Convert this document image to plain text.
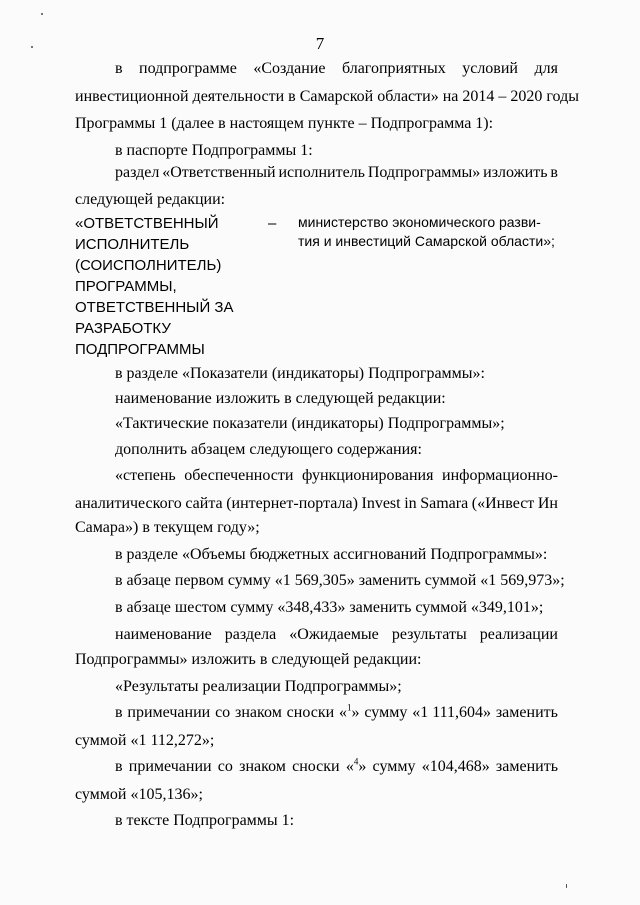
7
в подпрограмме «Создание благоприятных условий для
инвестиционной деятельности в Самарской области» на 2014 – 2020 годы
Программы 1 (далее в настоящем пункте – Подпрограмма 1):
в паспорте Подпрограммы 1:
раздел «Ответственный исполнитель Подпрограммы» изложить в
следующей редакции:
«ОТВЕТСТВЕННЫЙ
ИСПОЛНИТЕЛЬ
(СОИСПОЛНИТЕЛЬ)
ПРОГРАММЫ,
ОТВЕТСТВЕННЫЙ ЗА
РАЗРАБОТКУ
ПОДПРОГРАММЫ
– министерство экономического разви-
тия и инвестиций Самарской области»;
в разделе «Показатели (индикаторы) Подпрограммы»:
наименование изложить в следующей редакции:
«Тактические показатели (индикаторы) Подпрограммы»;
дополнить абзацем следующего содержания:
«степень обеспеченности функционирования информационно-
аналитического сайта (интернет-портала) Invest in Samara («Инвест Ин
Самара») в текущем году»;
в разделе «Объемы бюджетных ассигнований Подпрограммы»:
в абзаце первом сумму «1 569,305» заменить суммой «1 569,973»;
в абзаце шестом сумму «348,433» заменить суммой «349,101»;
наименование раздела «Ожидаемые результаты реализации
Подпрограммы» изложить в следующей редакции:
«Результаты реализации Подпрограммы»;
в примечании со знаком сноски «$^1$» сумму «1 111,604» заменить
суммой «1 112,272»;
в примечании со знаком сноски «$^4$» сумму «104,468» заменить
суммой «105,136»;
в тексте Подпрограммы 1:
